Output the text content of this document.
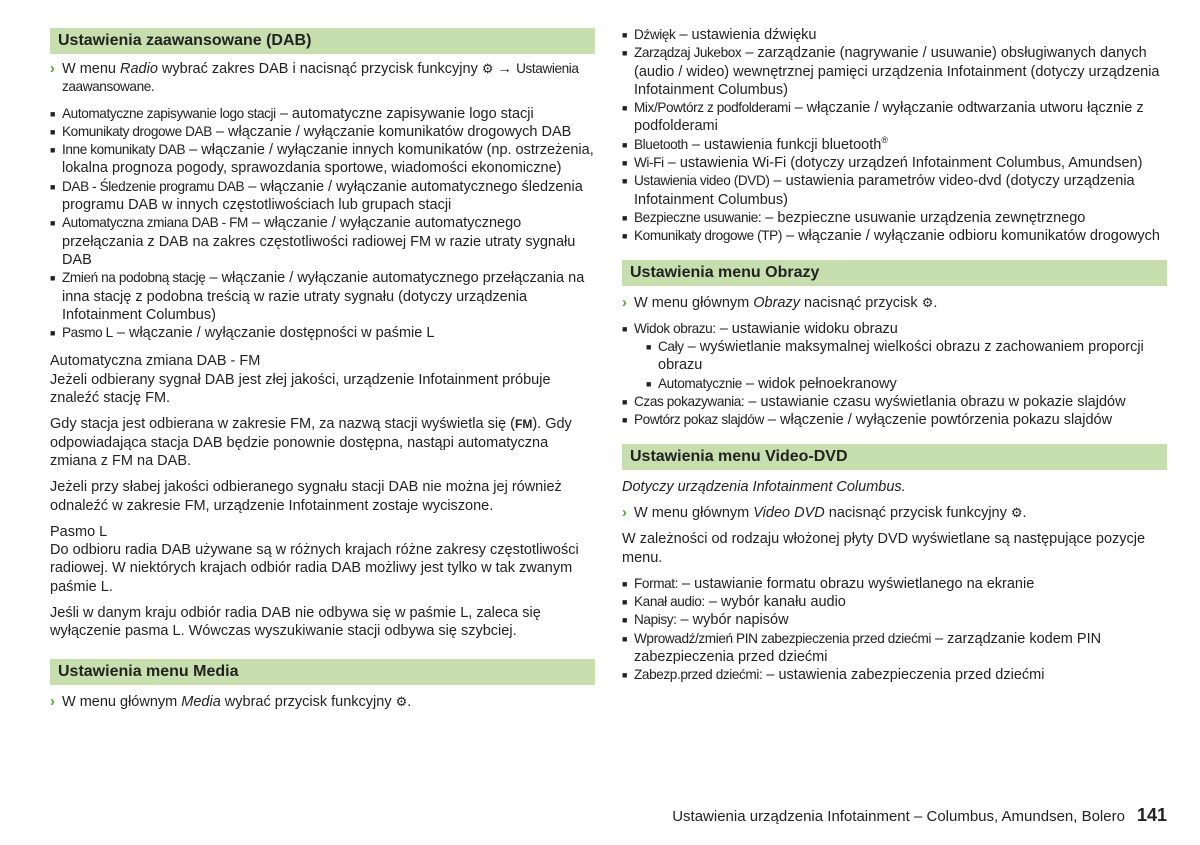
Ustawienia zaawansowane (DAB)

› W menu Radio wybrać zakres DAB i nacisnąć przycisk funkcyjny ⚙ → Ustawienia zaawansowane.

■ Automatyczne zapisywanie logo stacji – automatyczne zapisywanie logo stacji
■ Komunikaty drogowe DAB – włączanie / wyłączanie komunikatów drogowych DAB
■ Inne komunikaty DAB – włączanie / wyłączanie innych komunikatów (np. ostrzeżenia, lokalna prognoza pogody, sprawozdania sportowe, wiadomości ekonomiczne)
■ DAB - Śledzenie programu DAB – włączanie / wyłączanie automatycznego śledzenia programu DAB w innych częstotliwościach lub grupach stacji
■ Automatyczna zmiana DAB - FM – włączanie / wyłączanie automatycznego przełączania z DAB na zakres częstotliwości radiowej FM w razie utraty sygnału DAB
■ Zmień na podobną stację – włączanie / wyłączanie automatycznego przełączania na inna stację z podobna treścią w razie utraty sygnału (dotyczy urządzenia Infotainment Columbus)
■ Pasmo L – włączanie / wyłączanie dostępności w paśmie L

Automatyczna zmiana DAB - FM

Jeżeli odbierany sygnał DAB jest złej jakości, urządzenie Infotainment próbuje znaleźć stację FM.

Gdy stacja jest odbierana w zakresie FM, za nazwą stacji wyświetla się (FM). Gdy odpowiadająca stacja DAB będzie ponownie dostępna, nastąpi automatyczna zmiana z FM na DAB.

Jeżeli przy słabej jakości odbieranego sygnału stacji DAB nie można jej również odnaleźć w zakresie FM, urządzenie Infotainment zostaje wyciszone.

Pasmo L

Do odbioru radia DAB używane są w różnych krajach różne zakresy częstotliwości radiowej. W niektórych krajach odbiór radia DAB możliwy jest tylko w tak zwanym paśmie L.

Jeśli w danym kraju odbiór radia DAB nie odbywa się w paśmie L, zaleca się wyłączenie pasma L. Wówczas wyszukiwanie stacji odbywa się szybciej.

Ustawienia menu Media

› W menu głównym Media wybrać przycisk funkcyjny ⚙.

■ Dźwięk – ustawienia dźwięku
■ Zarządzaj Jukebox – zarządzanie (nagrywanie / usuwanie) obsługiwanych danych (audio / wideo) wewnętrznej pamięci urządzenia Infotainment (dotyczy urządzenia Infotainment Columbus)
■ Mix/Powtórz z podfolderami – włączanie / wyłączanie odtwarzania utworu łącznie z podfolderami
■ Bluetooth – ustawienia funkcji bluetooth®
■ Wi-Fi – ustawienia Wi-Fi (dotyczy urządzeń Infotainment Columbus, Amundsen)
■ Ustawienia video (DVD) – ustawienia parametrów video-dvd (dotyczy urządzenia Infotainment Columbus)
■ Bezpieczne usuwanie: – bezpieczne usuwanie urządzenia zewnętrznego
■ Komunikaty drogowe (TP) – włączanie / wyłączanie odbioru komunikatów drogowych
Ustawienia menu Obrazy

› W menu głównym Obrazy nacisnąć przycisk ⚙.

■ Widok obrazu: – ustawianie widoku obrazu
■ Cały – wyświetlanie maksymalnej wielkości obrazu z zachowaniem proporcji obrazu
■ Automatycznie – widok pełnoekranowy
■ Czas pokazywania: – ustawianie czasu wyświetlania obrazu w pokazie slajdów
■ Powtórz pokaz slajdów – włączenie / wyłączenie powtórzenia pokazu slajdów
Ustawienia menu Video-DVD

Dotyczy urządzenia Infotainment Columbus.

› W menu głównym Video DVD nacisnąć przycisk funkcyjny ⚙.

W zależności od rodzaju włożonej płyty DVD wyświetlane są następujące pozycje menu.

■ Format: – ustawianie formatu obrazu wyświetlanego na ekranie
■ Kanał audio: – wybór kanału audio
■ Napisy: – wybór napisów
■ Wprowadź/zmień PIN zabezpieczenia przed dziećmi – zarządzanie kodem PIN zabezpieczenia przed dziećmi
■ Zabezp.przed dziećmi: – ustawienia zabezpieczenia przed dziećmi
Ustawienia urządzenia Infotainment – Columbus, Amundsen, Bolero 141
